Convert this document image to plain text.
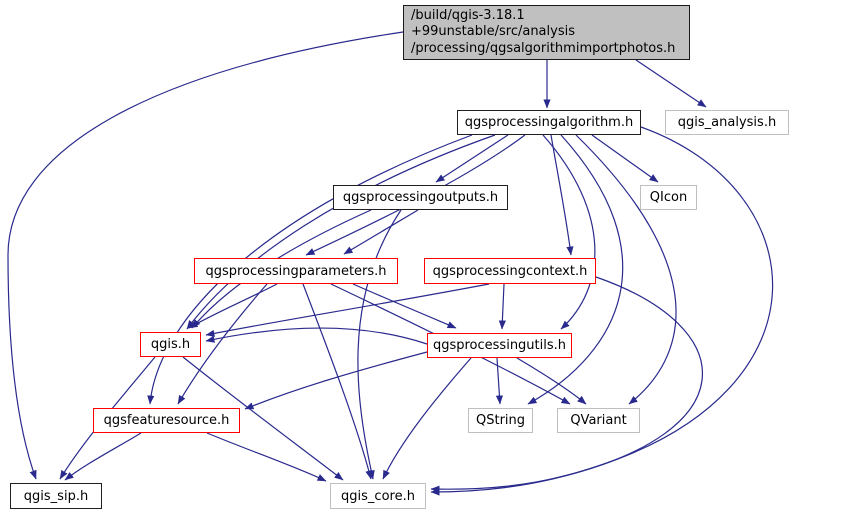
/build/qgis-3.18.1
+99unstable/src/analysis
/processing/qgsalgorithmimportphotos.h
qgsprocessingalgorithm.h	qgis_analysis.h
qgsprocessingoutputs.h	QIcon
qgsprocessingparameters.h	qgsprocessingcontext.h
qgis.h	qgsprocessingutils.h
qgsfeaturesource.h	QString	QVariant
qgis_sip.h	qgis_core.h
